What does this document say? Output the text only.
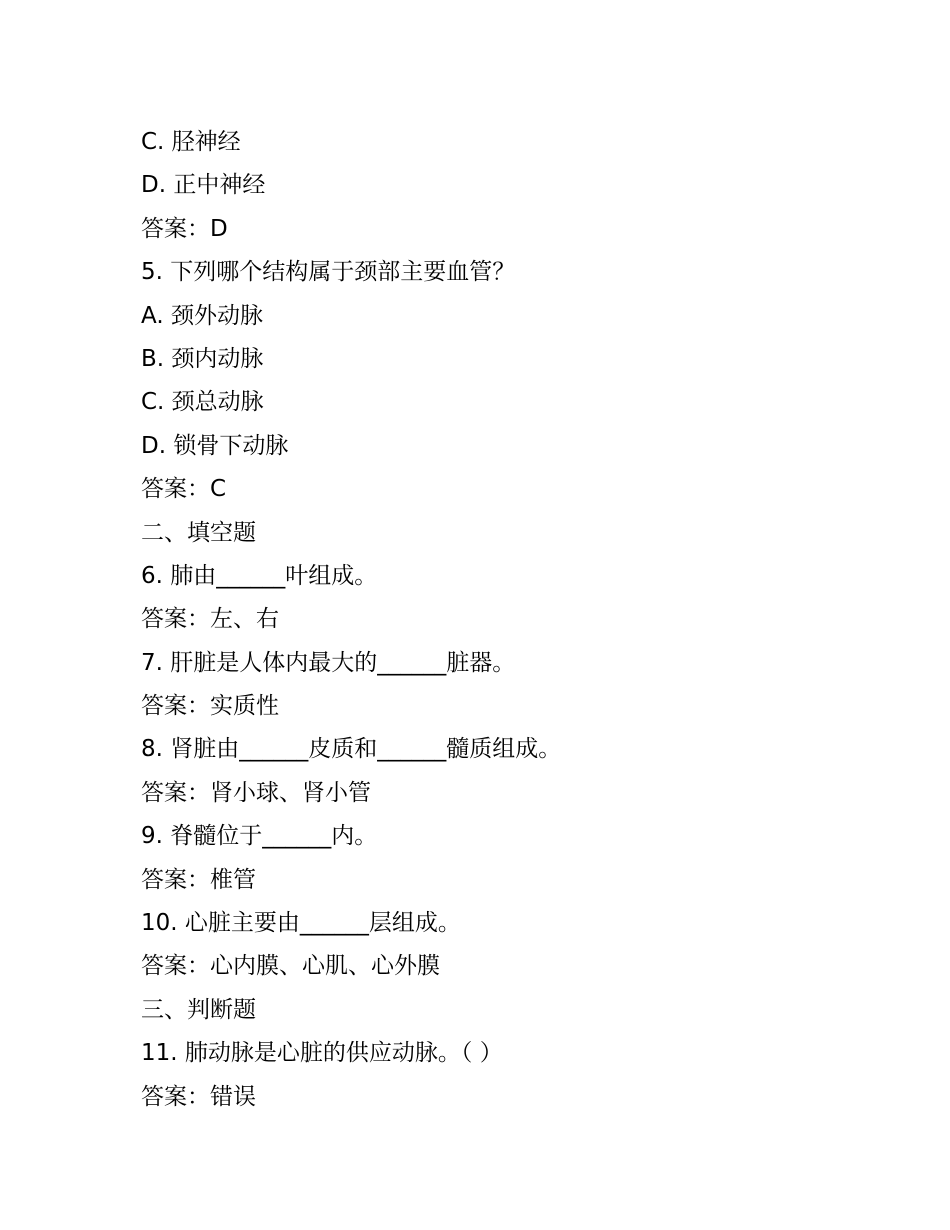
C. 胫神经
D. 正中神经
答案：D
5. 下列哪个结构属于颈部主要血管？
A. 颈外动脉
B. 颈内动脉
C. 颈总动脉
D. 锁骨下动脉
答案：C
二、填空题
6. 肺由______叶组成。
答案：左、右
7. 肝脏是人体内最大的______脏器。
答案：实质性
8. 肾脏由______皮质和______髓质组成。
答案：肾小球、肾小管
9. 脊髓位于______内。
答案：椎管
10. 心脏主要由______层组成。
答案：心内膜、心肌、心外膜
三、判断题
11. 肺动脉是心脏的供应动脉。（ ）
答案：错误
